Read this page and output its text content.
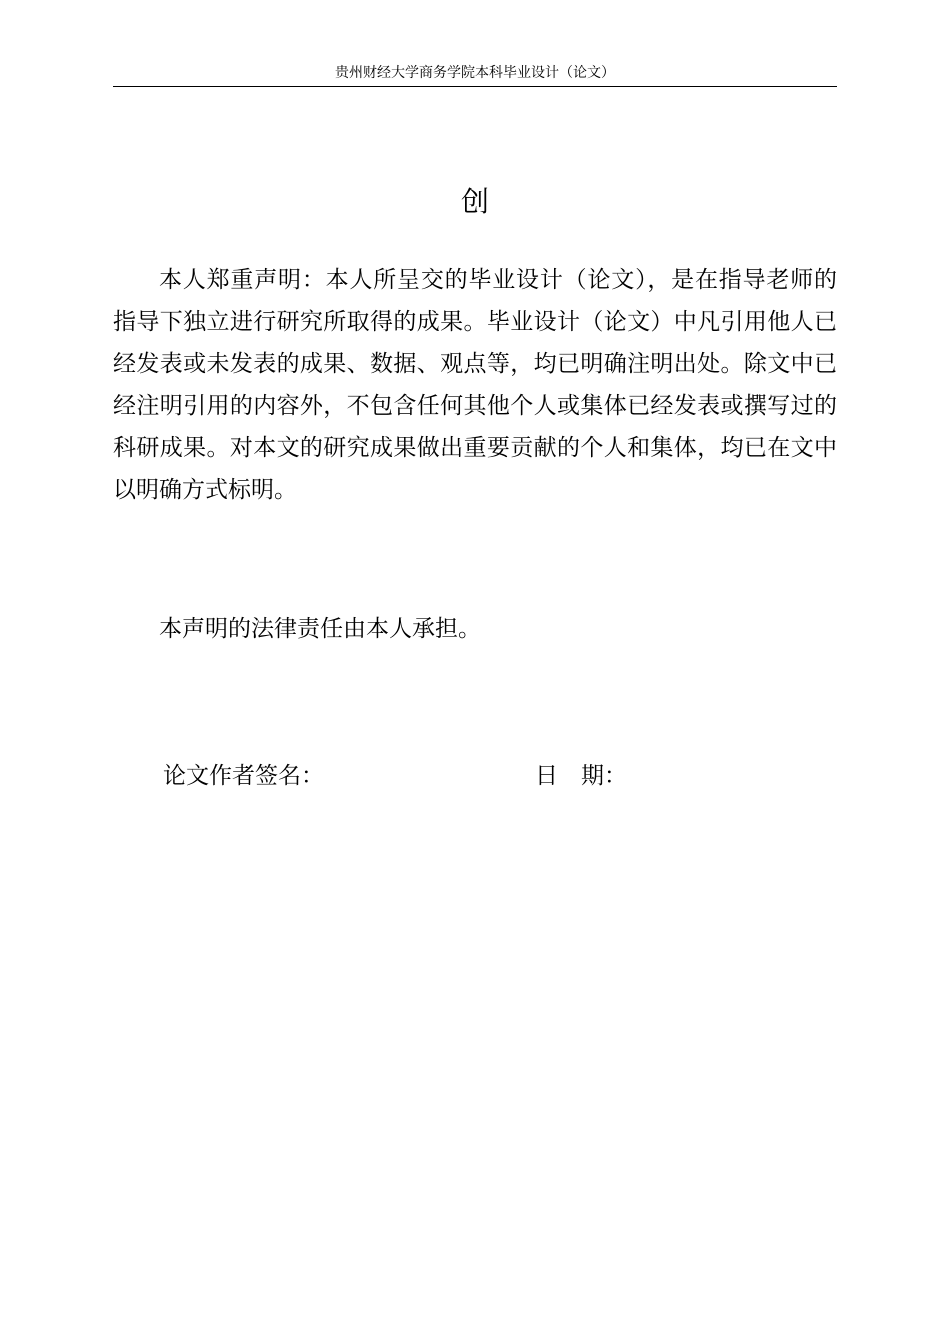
贵州财经大学商务学院本科毕业设计（论文）
创

本人郑重声明：本人所呈交的毕业设计（论文），是在指导老师的指导下独立进行研究所取得的成果。毕业设计（论文）中凡引用他人已经发表或未发表的成果、数据、观点等，均已明确注明出处。除文中已经注明引用的内容外，不包含任何其他个人或集体已经发表或撰写过的科研成果。对本文的研究成果做出重要贡献的个人和集体，均已在文中以明确方式标明。

本声明的法律责任由本人承担。

论文作者签名：	日　期：
